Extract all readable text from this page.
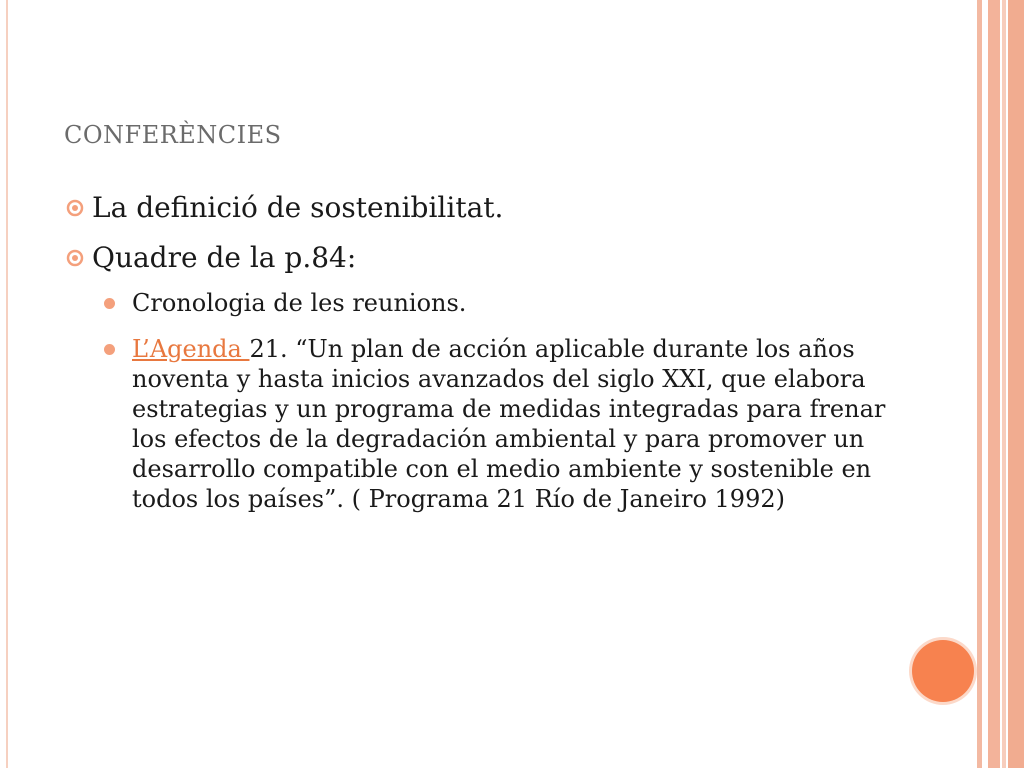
conferències
La definició de sostenibilitat.
Quadre de la p.84:
Cronologia de les reunions.
L’Agenda 21. “Un plan de acción aplicable durante los años noventa y hasta inicios avanzados del siglo XXI, que elabora estrategias y un programa de medidas integradas para frenar los efectos de la degradación ambiental y para promover un desarrollo compatible con el medio ambiente y sostenible en todos los países”. ( Programa 21 Río de Janeiro 1992)
